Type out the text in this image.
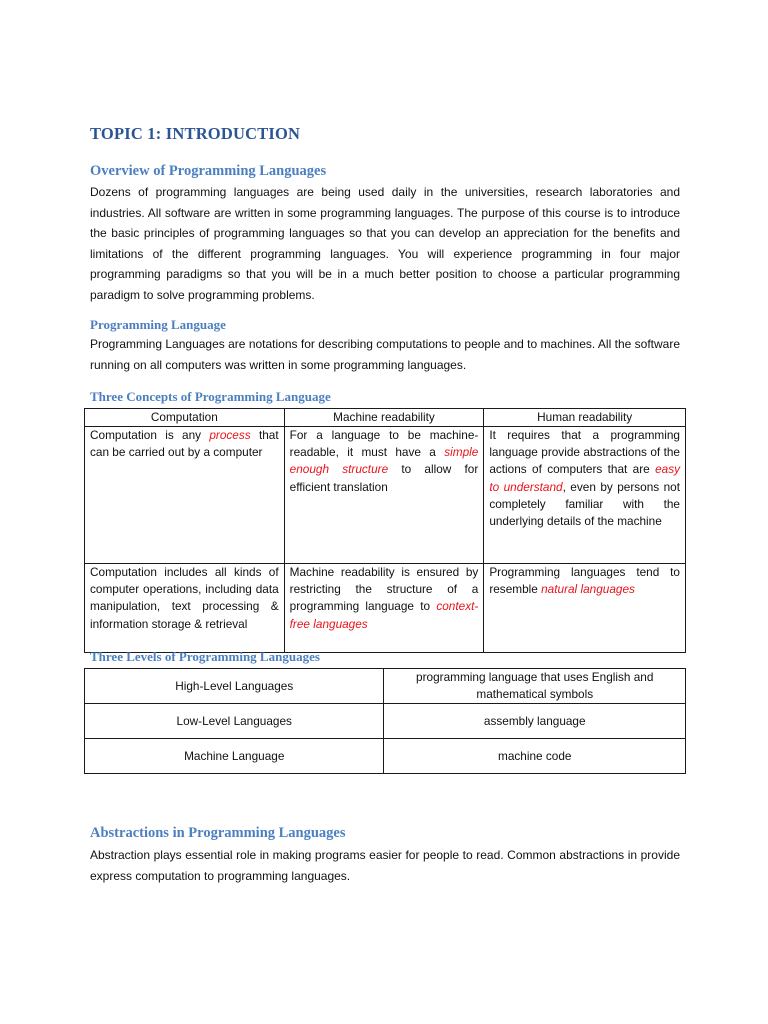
TOPIC 1: INTRODUCTION
Overview of Programming Languages

Dozens of programming languages are being used daily in the universities, research laboratories and industries. All software are written in some programming languages. The purpose of this course is to introduce the basic principles of programming languages so that you can develop an appreciation for the benefits and limitations of the different programming languages. You will experience programming in four major programming paradigms so that you will be in a much better position to choose a particular programming paradigm to solve programming problems.

Programming Language

Programming Languages are notations for describing computations to people and to machines. All the software running on all computers was written in some programming languages.

Three Concepts of Programming Language
Computation	Machine readability	Human readability
Computation is any process that can be carried out by a computer	For a language to be machine-readable, it must have a simple enough structure to allow for efficient translation	It requires that a programming language provide abstractions of the actions of computers that are easy to understand, even by persons not completely familiar with the underlying details of the machine
Computation includes all kinds of computer operations, including data manipulation, text processing & information storage & retrieval	Machine readability is ensured by restricting the structure of a programming language to context-free languages	Programming languages tend to resemble natural languages
Three Levels of Programming Languages
High-Level Languages	programming language that uses English and mathematical symbols
Low-Level Languages	assembly language
Machine Language	machine code
Abstractions in Programming Languages

Abstraction plays essential role in making programs easier for people to read. Common abstractions in provide express computation to programming languages.
